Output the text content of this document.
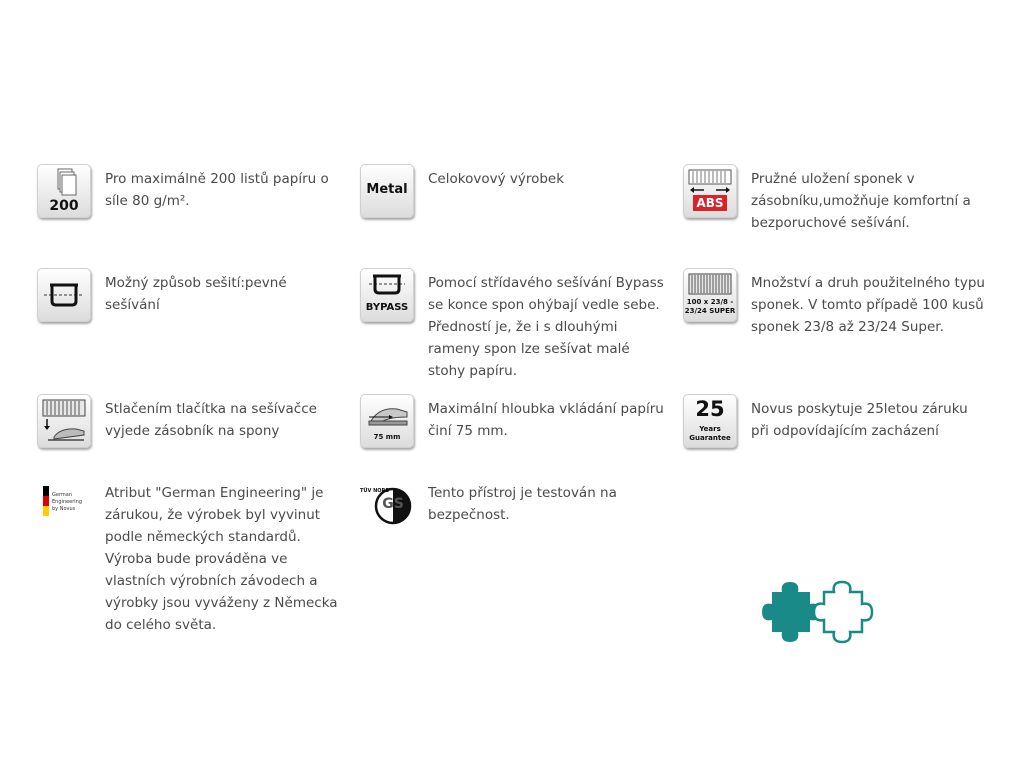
200
Pro maximálně 200 listů papíru o síle 80 g/m².
Metal
Celokovový výrobek
ABS
Pružné uložení sponek v zásobníku,umožňuje komfortní a bezporuchové sešívání.
Možný způsob sešití:pevné sešívání	BYPASS
Pomocí střídavého sešívání Bypass se konce spon ohýbají vedle sebe. Předností je, že i s dlouhými rameny spon lze sešívat malé stohy papíru.
100 x 23/8 -
23/24 SUPER
Množství a druh použitelného typu sponek. V tomto případě 100 kusů sponek 23/8 až 23/24 Super.
Stlačením tlačítka na sešívačce vyjede zásobník na spony	75 mm
Maximální hloubka vkládání papíru činí 75 mm.
25
Years
Guarantee
Novus poskytuje 25letou záruku při odpovídajícím zacházení
German
Engineering
by Novus
Atribut "German Engineering" je zárukou, že výrobek byl vyvinut podle německých standardů. Výroba bude prováděna ve vlastních výrobních závodech a výrobky jsou vyváženy z Německa do celého světa.
TÜV NORD
GS
Tento přístroj je testován na bezpečnost.
